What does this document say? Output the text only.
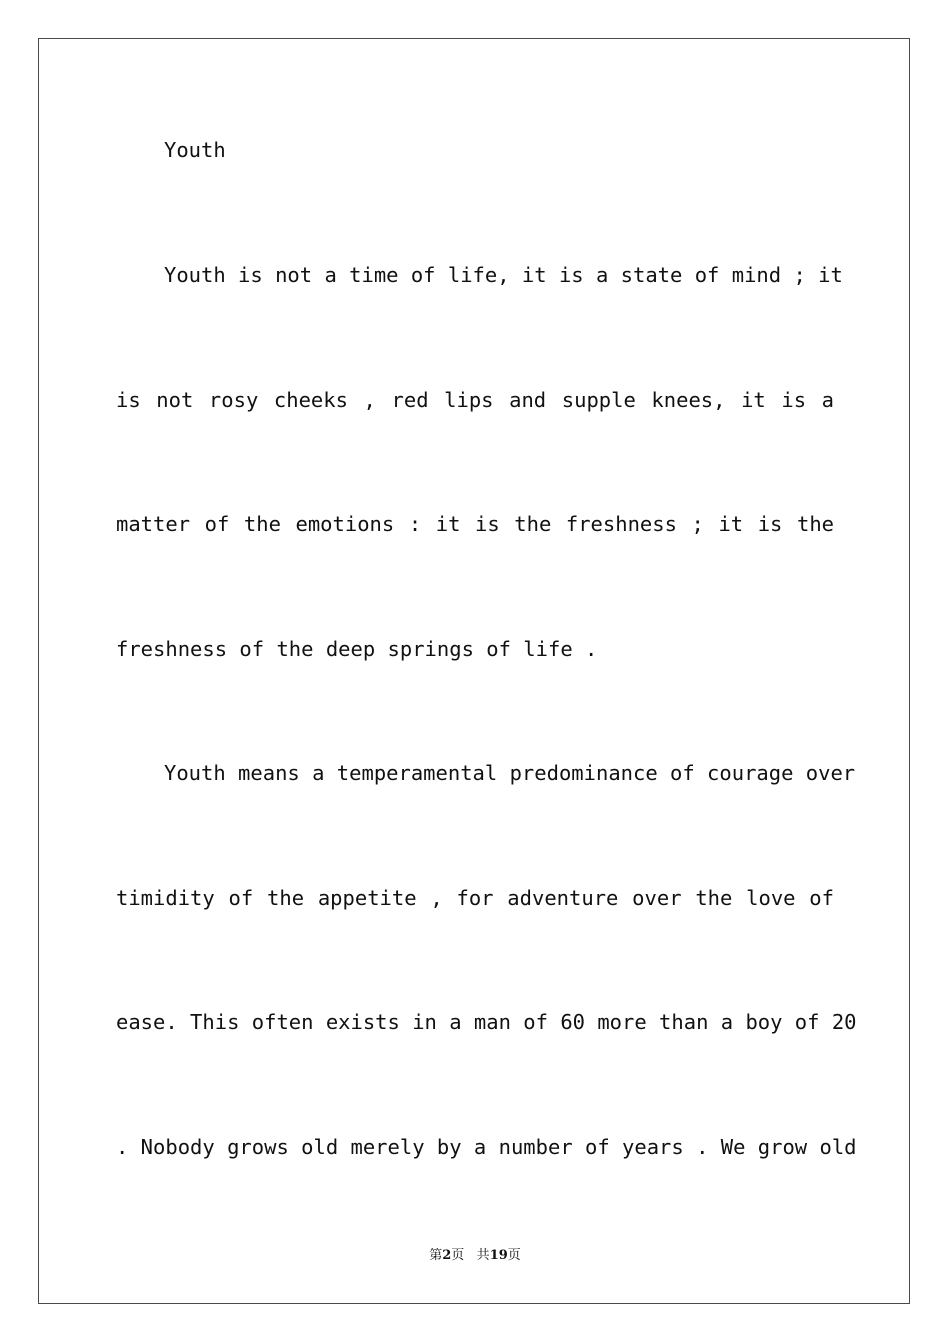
Youth
Youth is not a time of life, it is a state of mind ; it
is not rosy cheeks , red lips and supple knees, it is a
matter of the emotions : it is the freshness ; it is the
freshness of the deep springs of life .
Youth means a temperamental predominance of courage over
timidity of the appetite , for adventure over the love of
ease. This often exists in a man of 60 more than a boy of 20
. Nobody grows old merely by a number of years . We grow old
第2页 共19页
